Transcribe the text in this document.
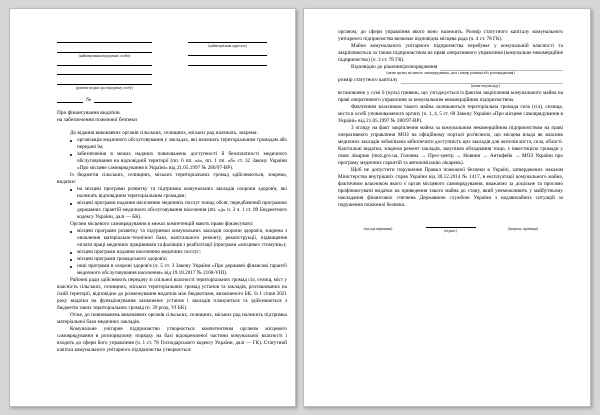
(найменування юридичної особи)
(реквізити/дані про юридичну особу)
(найменування адресата)
№
Про фінансування видатків
на забезпечення пожежної безпеки

До відання виконавчих органів сільських, селищних, міських рад належать, зокрема:

організація медичного обслуговування у закладах, які належать територіальним громадам або передані їм;
забезпечення в межах наданих повноважень доступності й безоплатності медичного обслуговування на відповідній території (пп. 6 пп. «а», пп. 1 пп. «б» ст. 32 Закону України «Про місцеве самоврядування в Україні» від 21.05.1997 № 280/97-ВР).

Із бюджетів сільських, селищних, міських територіальних громад здійснюються, зокрема, видатки:

на місцеві програми розвитку та підтримки комунальних закладів охорони здоров'я, які належать відповідним територіальним громадам;
місцеві програми надання населенню медичних послуг понад обсяг, передбачений програмою державних гарантій медичного обслуговування населення (пп. «д» п. 3 ч. 1 ст. 89 Бюджетного кодексу України, далі — БК).

Органи місцевого самоврядування в межах компетенцій мають право фінансувати:

місцеві програми розвитку та підтримки комунальних закладів охорони здоров'я, зокрема з оновлення матеріально-технічної бази, капітального ремонту, реконструкції, підвищення оплати праці медичних працівників та фахівців з реабілітації (програми «місцевих стимулів»);
місцеві програми надання населенню медичних послуг;
місцеві програми громадського здоров'я;
інші програми в охороні здоров'я (ч. 5 ст. 3 Закону України «Про державні фінансові гарантії медичного обслуговування населення» від 19.10.2017 № 2168-VIII).

Районні ради здійснюють передачу зі спільної власності територіальних громад сіл, селищ, міст у власність сільських, селищних, міських територіальних громад установ та закладів, розташованих на їхній території, відповідно до розмежування видатків між бюджетами, визначеного БК. Із 1 січня 2021 року видатки на функціонування зазначених установ і закладів плануються та здійснюються з бюджетів таких територіальних громад (п. 39 розд. VI БК).

Отже, до повноважень виконавчих органів сільських, селищних, міських рад належить підтримка матеріальної бази медичних закладів.

Комунальне унітарне підприємство утворюється компетентним органом місцевого самоврядування в розпорядчому порядку на базі відокремленої частини комунальної власності і входить до сфери його управління (ч. 1 ст. 78 Господарського кодексу України, далі — ГК). Статутний капітал комунального унітарного підприємства утворюється

органом, до сфери управління якого воно належить. Розмір статутного капіталу комунального унітарного підприємства визначає відповідна місцева рада (ч. 4 ст. 78 ГК).

Майно комунального унітарного підприємства перебуває у комунальній власності та закріплюються за таким підприємством на праві оперативного управління (комунальне некомерційне підприємство) (ч. 3 ст. 78 ГК).

Відповідно до рішення/розпорядження
(назва органу місцевого самоврядування, дата і номер рішення або розпорядження)
розмір статутного капіталу
(назва медзакладу)

встановлено у сумі 0 (нуль) гривень, що узгоджується із фактом закріплення комунального майна на праві оперативного управління за комунальним некомерційним підприємством.

Фактичним власником такого майна залишаються територіальна громада села (сіл), селища, міста в особі уповноваженого органу (ч. 1, 4, 5 ст. 60 Закону України «Про місцеве самоврядування в Україні» від 21.05.1997 № 280/97-ВР).

З огляду на факт закріплення майна за комунальним некомерційним підприємством на праві оперативного управління МОЗ на офіційному порталі роз'яснило, що місцева влада як власник медичних закладів зобов'язана забезпечити доступність цих закладів для жителів міста, села, області. Капітальні видатки, зокрема ремонт закладів, закупівля обладнання тощо, є інвестицією громади у свою лікарню (moz.gov.ua, Головна → Прес-центр → Новини → Антифейк → МОЗ України про програму медичних гарантій та автономізацію лікарень).

Щоб не допустити порушення Правил пожежної безпеки в Україні, затверджених наказом Міністерства внутрішніх справ України від 30.12.2014 № 1417, в експлуатації комунального майна, фактичним власником якого є орган місцевого самоврядування, вважаємо за доцільне та просимо профінансувати видатки на приведення такого майна до стану, який унеможливить у майбутньому накладання фінансових стягнень Державною службою України з надзвичайних ситуацій за порушення пожежної безпеки.

(посада керівника)	(підпис)	(ініціали, прізвище)
